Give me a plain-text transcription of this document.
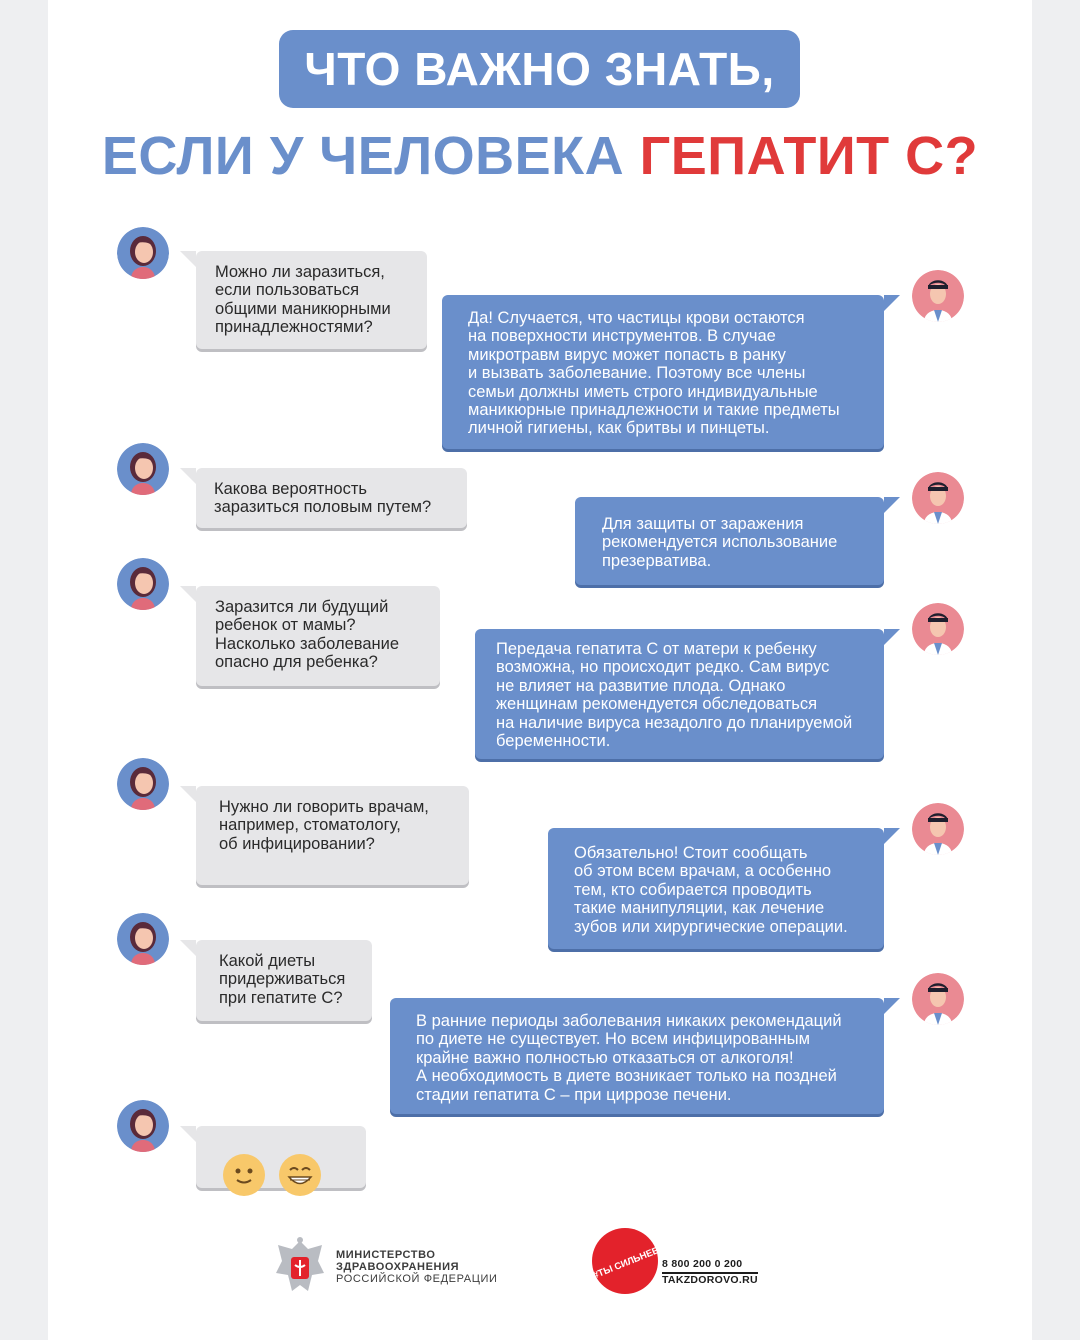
ЧТО ВАЖНО ЗНАТЬ,
ЕСЛИ У ЧЕЛОВЕКА ГЕПАТИТ С?
Можно ли заразиться,
если пользоваться
общими маникюрными
принадлежностями?
Какова вероятность
заразиться половым путем?
Заразится ли будущий
ребенок от мамы?
Насколько заболевание
опасно для ребенка?
Нужно ли говорить врачам,
например, стоматологу,
об инфицировании?
Какой диеты
придерживаться
при гепатите С?

Да! Случается, что частицы крови остаются
на поверхности инструментов. В случае
микротравм вирус может попасть в ранку
и вызвать заболевание. Поэтому все члены
семьи должны иметь строго индивидуальные
маникюрные принадлежности и такие предметы
личной гигиены, как бритвы и пинцеты.
Для защиты от заражения
рекомендуется использование
презерватива.
Передача гепатита С от матери к ребенку
возможна, но происходит редко. Сам вирус
не влияет на развитие плода. Однако
женщинам рекомендуется обследоваться
на наличие вируса незадолго до планируемой
беременности.
Обязательно! Стоит сообщать
об этом всем врачам, а особенно
тем, кто собирается проводить
такие манипуляции, как лечение
зубов или хирургические операции.
В ранние периоды заболевания никаких рекомендаций
по диете не существует. Но всем инфицированным
крайне важно полностью отказаться от алкоголя!
А необходимость в диете возникает только на поздней
стадии гепатита С – при циррозе печени.
МИНИСТЕРСТВО
ЗДРАВООХРАНЕНИЯ
РОССИЙСКОЙ ФЕДЕРАЦИИ	#ТЫ СИЛЬНЕЕ 8 800 200 0 200
TAKZDOROVO.RU
